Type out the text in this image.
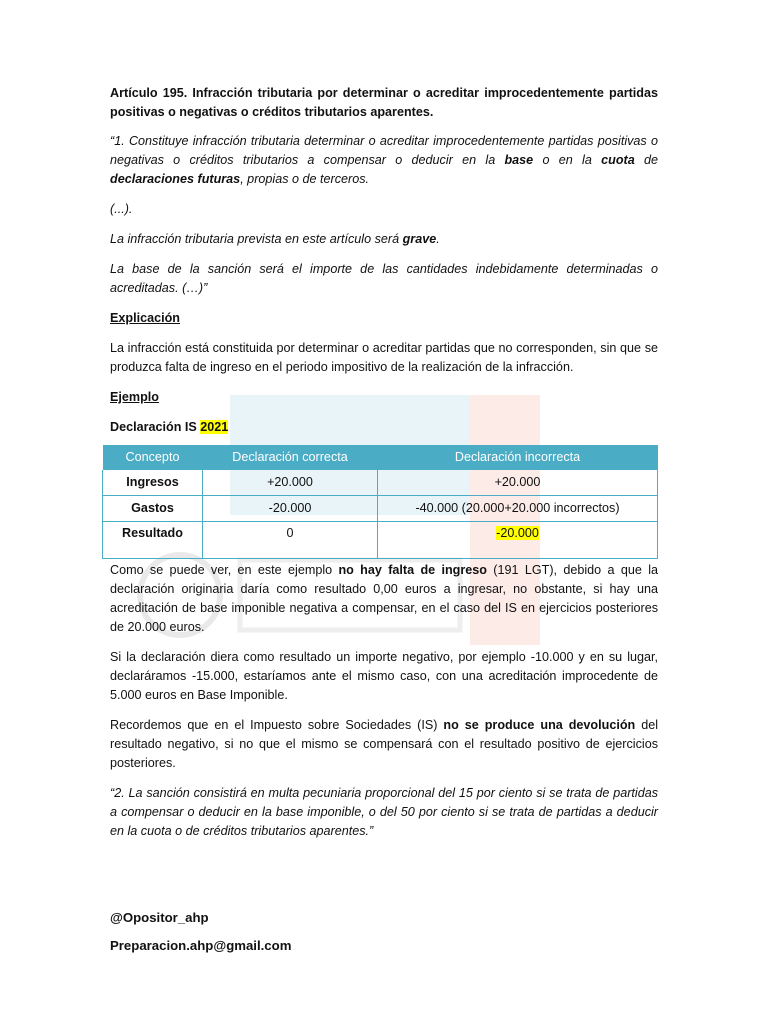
Artículo 195. Infracción tributaria por determinar o acreditar improcedentemente partidas positivas o negativas o créditos tributarios aparentes.

“1. Constituye infracción tributaria determinar o acreditar improcedentemente partidas positivas o negativas o créditos tributarios a compensar o deducir en la base o en la cuota de declaraciones futuras, propias o de terceros.

(...).

La infracción tributaria prevista en este artículo será grave.

La base de la sanción será el importe de las cantidades indebidamente determinadas o acreditadas. (…)”

Explicación

La infracción está constituida por determinar o acreditar partidas que no corresponden, sin que se produzca falta de ingreso en el periodo impositivo de la realización de la infracción.

Ejemplo

Declaración IS 2021

Concepto	Declaración correcta	Declaración incorrecta
Ingresos	+20.000	+20.000
Gastos	-20.000	-40.000 (20.000+20.000 incorrectos)
Resultado	0	-20.000

Como se puede ver, en este ejemplo no hay falta de ingreso (191 LGT), debido a que la declaración originaria daría como resultado 0,00 euros a ingresar, no obstante, si hay una acreditación de base imponible negativa a compensar, en el caso del IS en ejercicios posteriores de 20.000 euros.

Si la declaración diera como resultado un importe negativo, por ejemplo -10.000 y en su lugar, declaráramos -15.000, estaríamos ante el mismo caso, con una acreditación improcedente de 5.000 euros en Base Imponible.

Recordemos que en el Impuesto sobre Sociedades (IS) no se produce una devolución del resultado negativo, si no que el mismo se compensará con el resultado positivo de ejercicios posteriores.

“2. La sanción consistirá en multa pecuniaria proporcional del 15 por ciento si se trata de partidas a compensar o deducir en la base imponible, o del 50 por ciento si se trata de partidas a deducir en la cuota o de créditos tributarios aparentes.”

@Opositor_ahp

Preparacion.ahp@gmail.com
